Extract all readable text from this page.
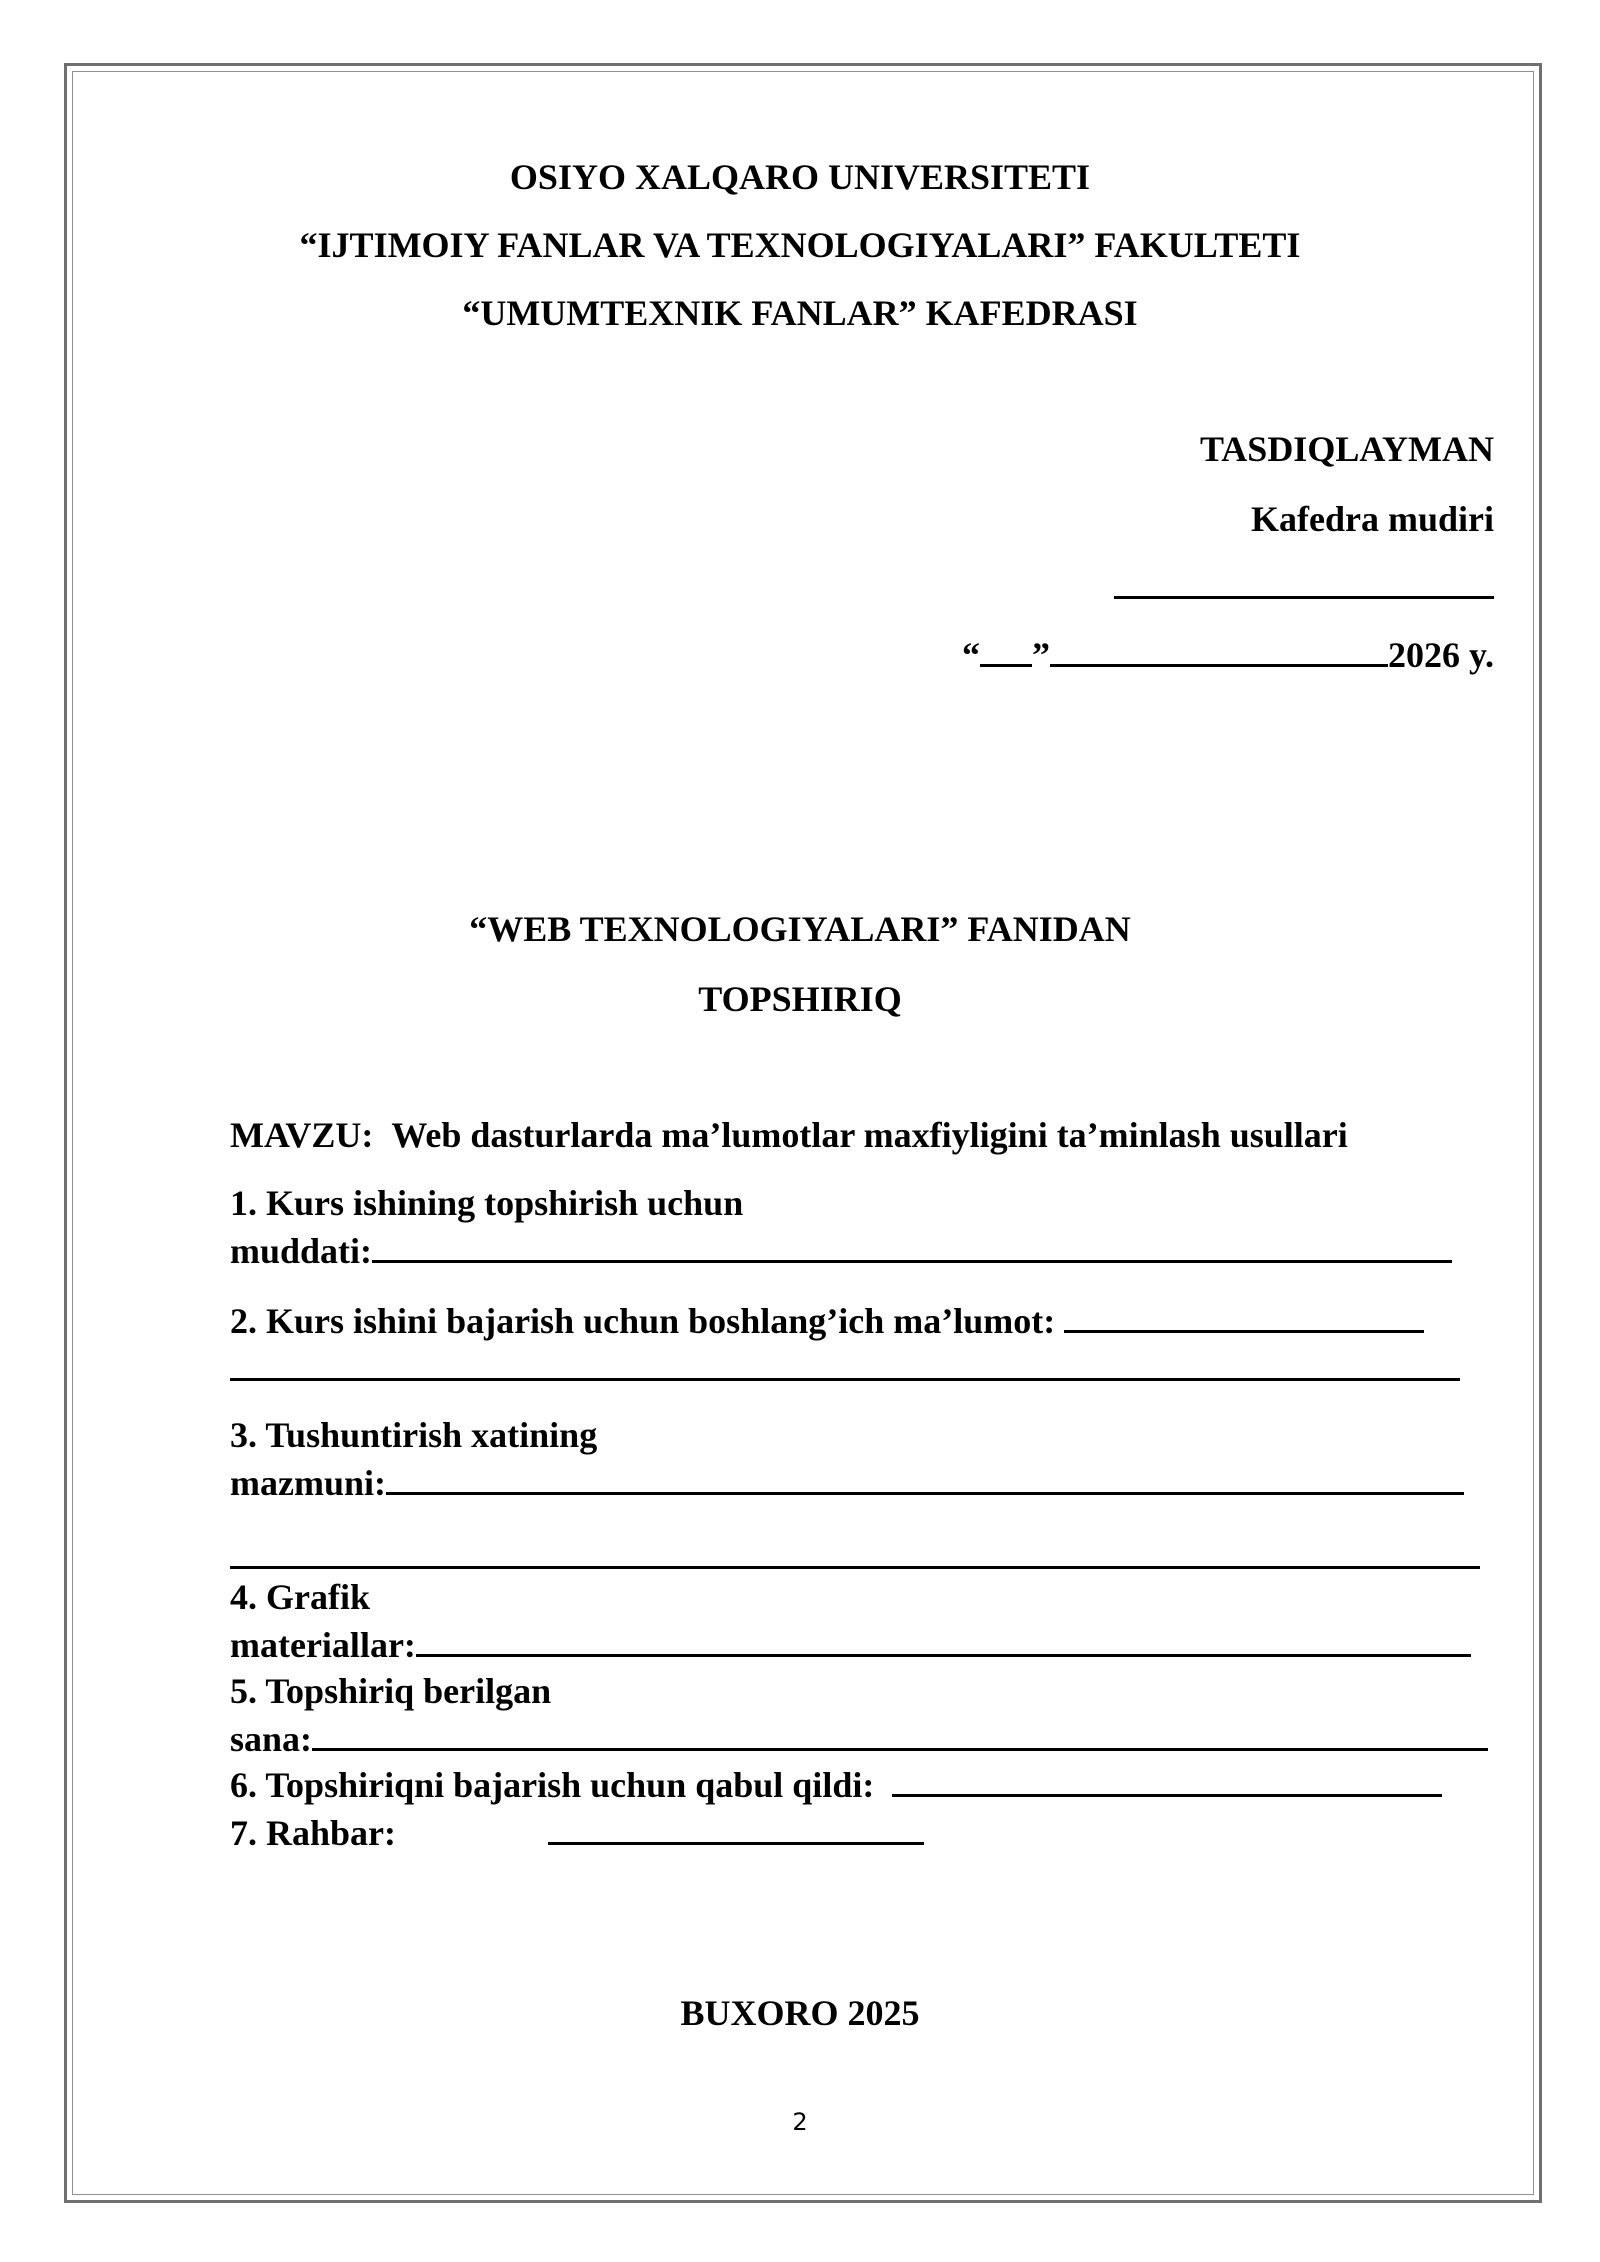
OSIYO XALQARO UNIVERSITETI
“IJTIMOIY FANLAR VA TEXNOLOGIYALARI” FAKULTETI
“UMUMTEXNIK FANLAR” KAFEDRASI
TASDIQLAYMAN
Kafedra mudiri
“ ”	2026 y.
“WEB TEXNOLOGIYALARI” FANIDAN
TOPSHIRIQ
MAVZU: Web dasturlarda ma’lumotlar maxfiyligini ta’minlash usullari
1. Kurs ishining topshirish uchun
muddati:
2. Kurs ishini bajarish uchun boshlang’ich ma’lumot:
3. Tushuntirish xatining
mazmuni:
4. Grafik
materiallar:
5. Topshiriq berilgan
sana:
6. Topshiriqni bajarish uchun qabul qildi:
7. Rahbar:
BUXORO 2025
2
